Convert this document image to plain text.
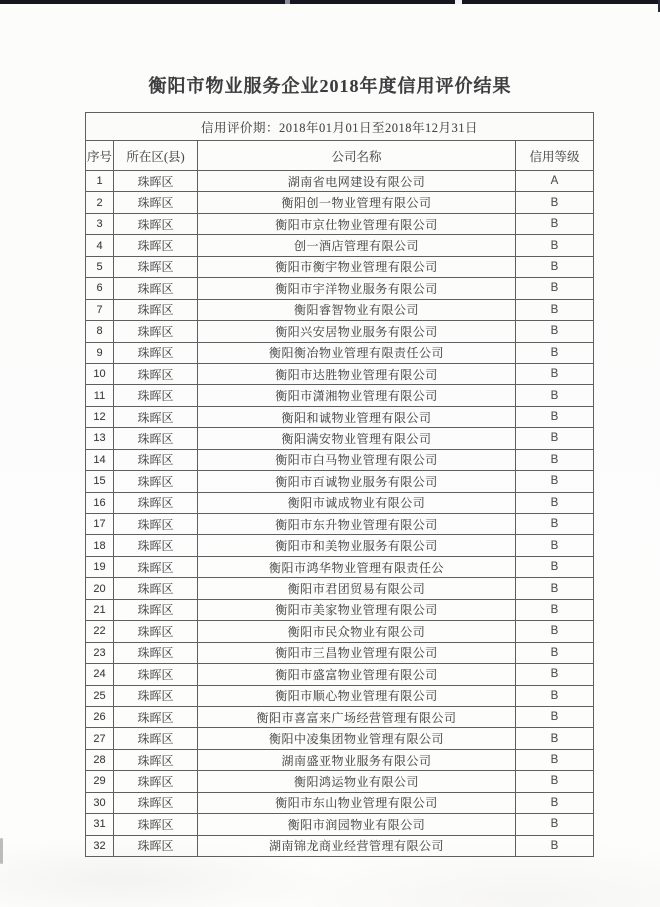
衡阳市物业服务企业2018年度信用评价结果
信用评价期：2018年01月01日至2018年12月31日			
序号	所在区(县)	公司名称	信用等级
1	珠晖区	湖南省电网建设有限公司	A
2	珠晖区	衡阳创一物业管理有限公司	B
3	珠晖区	衡阳市京仕物业管理有限公司	B
4	珠晖区	创一酒店管理有限公司	B
5	珠晖区	衡阳市衡宇物业管理有限公司	B
6	珠晖区	衡阳市宇洋物业服务有限公司	B
7	珠晖区	衡阳睿智物业有限公司	B
8	珠晖区	衡阳兴安居物业服务有限公司	B
9	珠晖区	衡阳衡冶物业管理有限责任公司	B
10	珠晖区	衡阳市达胜物业管理有限公司	B
11	珠晖区	衡阳市潇湘物业管理有限公司	B
12	珠晖区	衡阳和诚物业管理有限公司	B
13	珠晖区	衡阳满安物业管理有限公司	B
14	珠晖区	衡阳市白马物业管理有限公司	B
15	珠晖区	衡阳市百诚物业服务有限公司	B
16	珠晖区	衡阳市诚成物业有限公司	B
17	珠晖区	衡阳市东升物业管理有限公司	B
18	珠晖区	衡阳市和美物业服务有限公司	B
19	珠晖区	衡阳市鸿华物业管理有限责任公	B
20	珠晖区	衡阳市君团贸易有限公司	B
21	珠晖区	衡阳市美家物业管理有限公司	B
22	珠晖区	衡阳市民众物业有限公司	B
23	珠晖区	衡阳市三昌物业管理有限公司	B
24	珠晖区	衡阳市盛富物业管理有限公司	B
25	珠晖区	衡阳市顺心物业管理有限公司	B
26	珠晖区	衡阳市喜富来广场经营管理有限公司	B
27	珠晖区	衡阳中凌集团物业管理有限公司	B
28	珠晖区	湖南盛亚物业服务有限公司	B
29	珠晖区	衡阳鸿运物业有限公司	B
30	珠晖区	衡阳市东山物业管理有限公司	B
31	珠晖区	衡阳市润园物业有限公司	B
32	珠晖区	湖南锦龙商业经营管理有限公司	B
